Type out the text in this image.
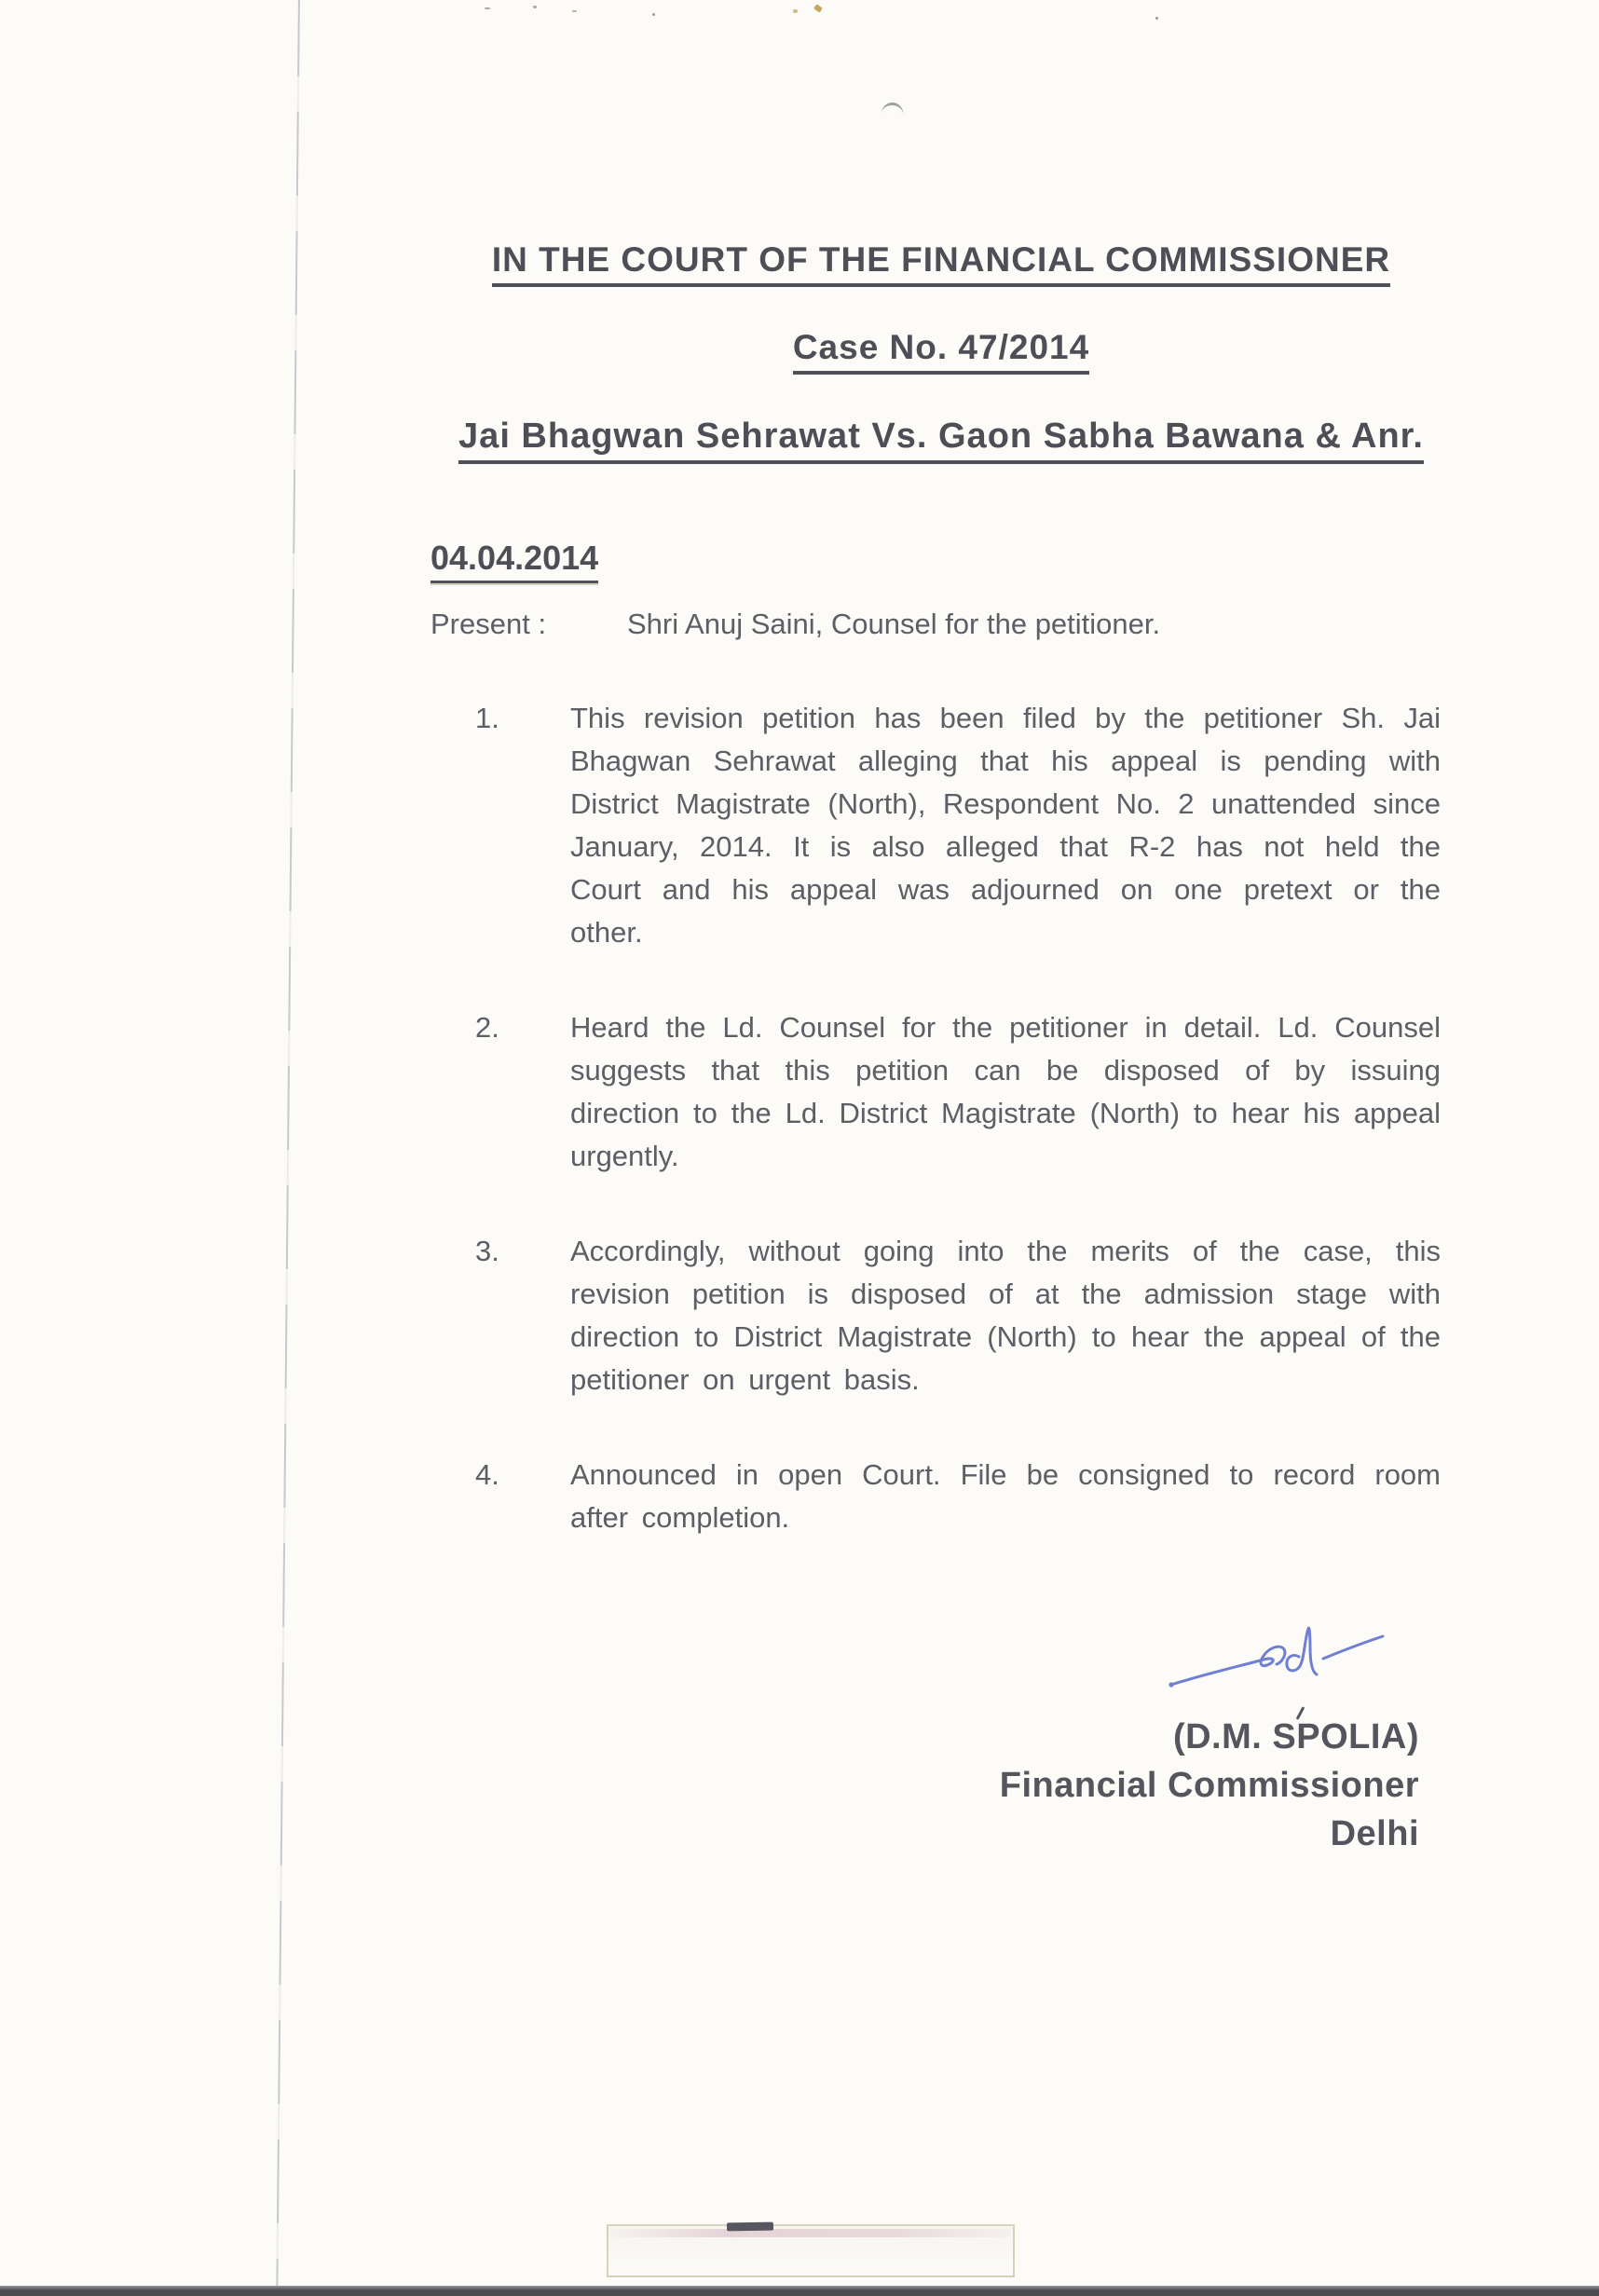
IN THE COURT OF THE FINANCIAL COMMISSIONER
Case No. 47/2014
Jai Bhagwan Sehrawat Vs. Gaon Sabha Bawana & Anr.
04.04.2014
Present :	Shri Anuj Saini, Counsel for the petitioner.
1.	This revision petition has been filed by the petitioner Sh. Jai Bhagwan Sehrawat alleging that his appeal is pending with District Magistrate (North), Respondent No. 2 unattended since January, 2014. It is also alleged that R-2 has not held the Court and his appeal was adjourned on one pretext or the other.
2.	Heard the Ld. Counsel for the petitioner in detail. Ld. Counsel suggests that this petition can be disposed of by issuing direction to the Ld. District Magistrate (North) to hear his appeal urgently.
3.	Accordingly, without going into the merits of the case, this revision petition is disposed of at the admission stage with direction to District Magistrate (North) to hear the appeal of the petitioner on urgent basis.
4.	Announced in open Court. File be consigned to record room after completion.
(D.M. SPOLIA)
Financial Commissioner
Delhi
